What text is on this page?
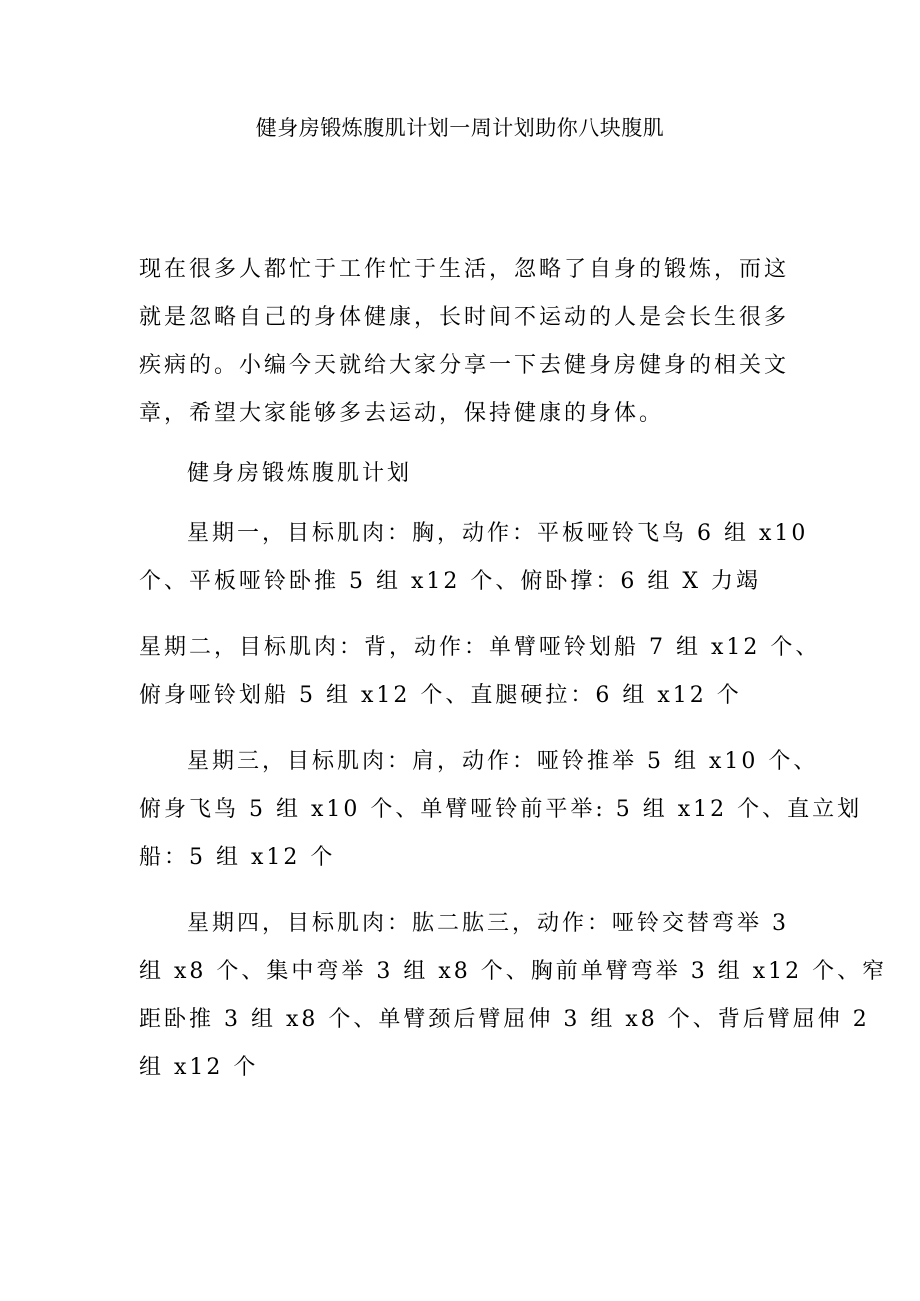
健身房锻炼腹肌计划一周计划助你八块腹肌

现在很多人都忙于工作忙于生活，忽略了自身的锻炼，而这
就是忽略自己的身体健康，长时间不运动的人是会长生很多
疾病的。小编今天就给大家分享一下去健身房健身的相关文
章，希望大家能够多去运动，保持健康的身体。

健身房锻炼腹肌计划

星期一，目标肌肉：胸，动作：平板哑铃飞鸟 6 组 x10
个、平板哑铃卧推 5 组 x12 个、俯卧撑：6 组 X 力竭

星期二，目标肌肉：背，动作：单臂哑铃划船 7 组 x12 个、
俯身哑铃划船 5 组 x12 个、直腿硬拉：6 组 x12 个

星期三，目标肌肉：肩，动作：哑铃推举 5 组 x10 个、
俯身飞鸟 5 组 x10 个、单臂哑铃前平举: 5 组 x12 个、直立划
船：5 组 x12 个

星期四，目标肌肉：肱二肱三，动作：哑铃交替弯举 3
组 x8 个、集中弯举 3 组 x8 个、胸前单臂弯举 3 组 x12 个、窄
距卧推 3 组 x8 个、单臂颈后臂屈伸 3 组 x8 个、背后臂屈伸 2
组 x12 个
